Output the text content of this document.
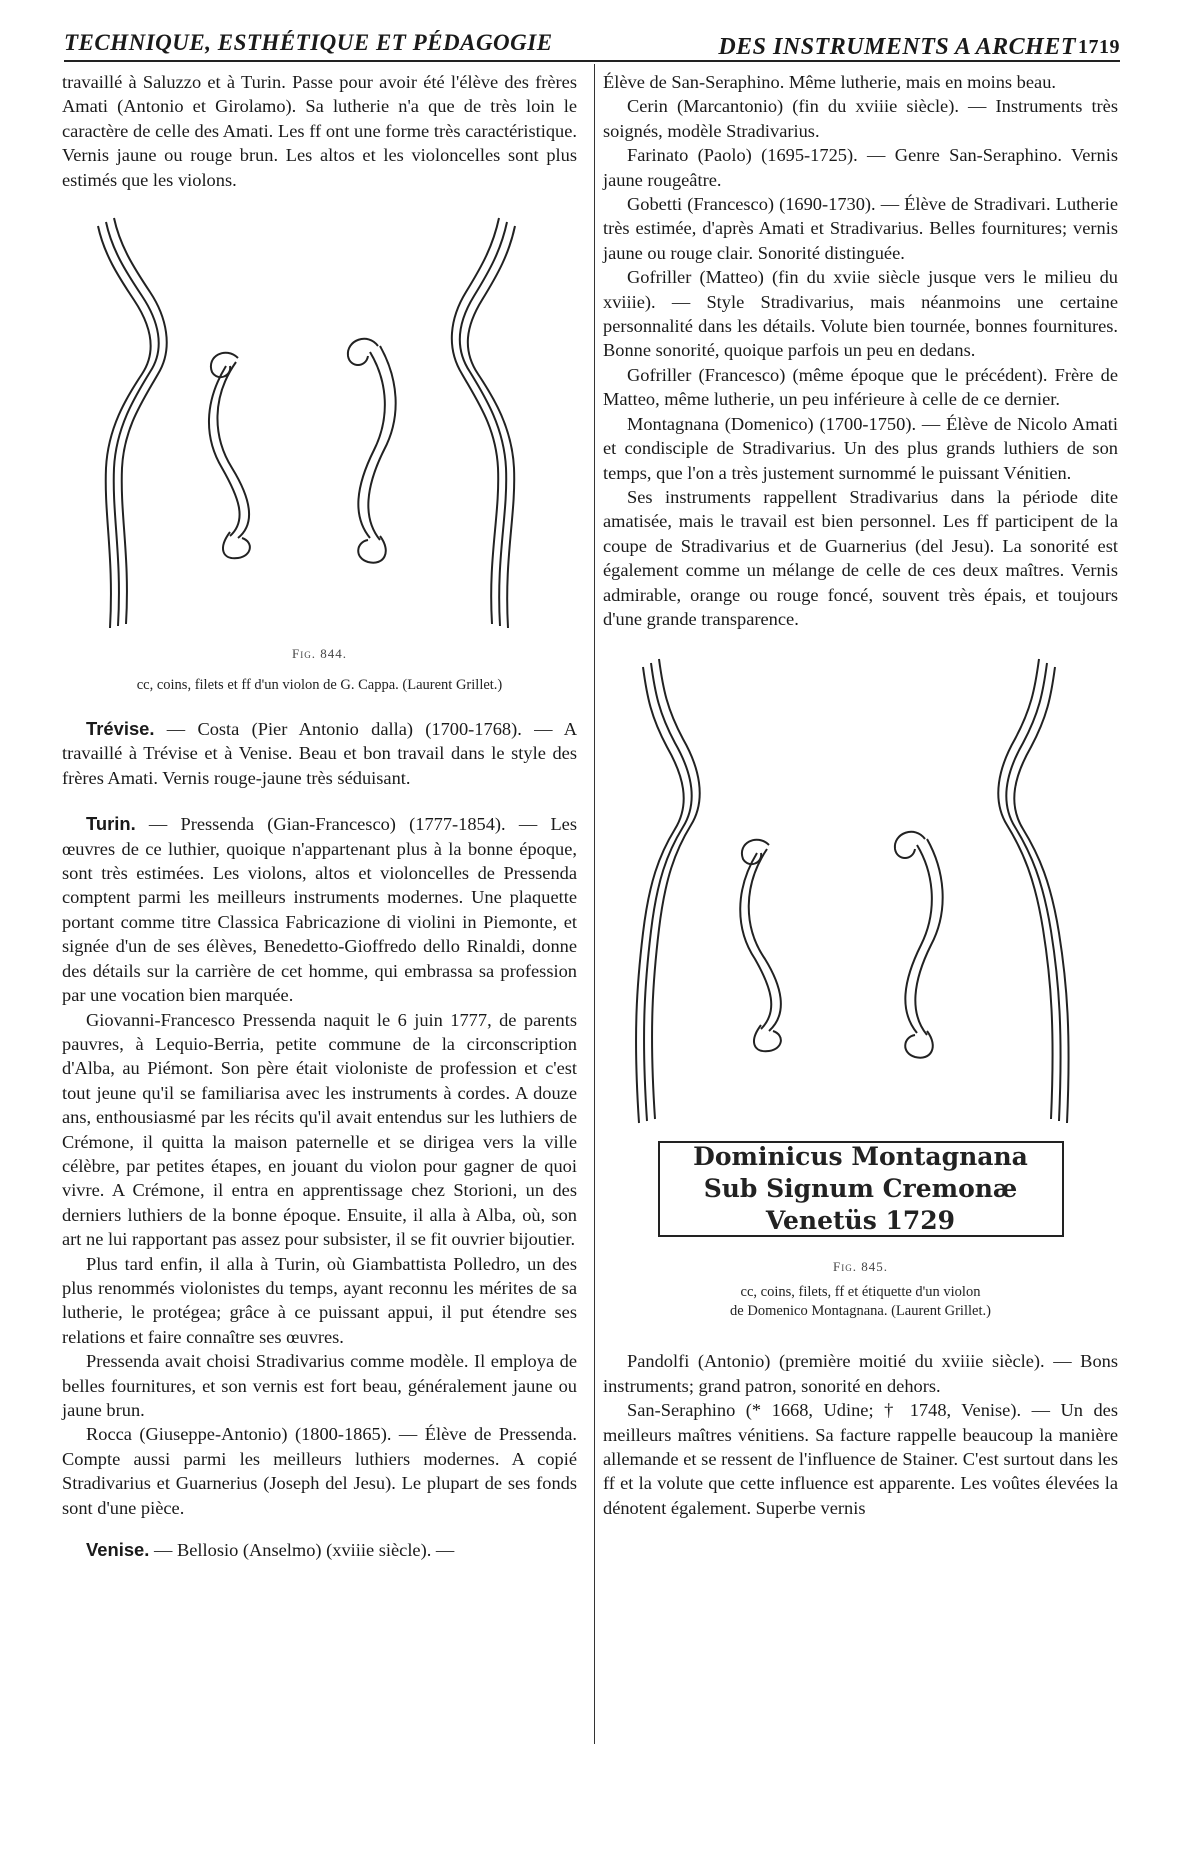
TECHNIQUE, ESTHÉTIQUE ET PÉDAGOGIE	DES INSTRUMENTS A ARCHET 1719

travaillé à Saluzzo et à Turin. Passe pour avoir été l'élève des frères Amati (Antonio et Girolamo). Sa lutherie n'a que de très loin le caractère de celle des Amati. Les ff ont une forme très caractéristique. Vernis jaune ou rouge brun. Les altos et les violoncelles sont plus estimés que les violons.

Fig. 844.
cc, coins, filets et ff d'un violon de G. Cappa. (Laurent Grillet.)

Trévise. — Costa (Pier Antonio dalla) (1700-1768). — A travaillé à Trévise et à Venise. Beau et bon travail dans le style des frères Amati. Vernis rouge-jaune très séduisant.

Turin. — Pressenda (Gian-Francesco) (1777-1854). — Les œuvres de ce luthier, quoique n'appartenant plus à la bonne époque, sont très estimées. Les violons, altos et violoncelles de Pressenda comptent parmi les meilleurs instruments modernes. Une plaquette portant comme titre Classica Fabricazione di violini in Piemonte, et signée d'un de ses élèves, Benedetto-Gioffredo dello Rinaldi, donne des détails sur la carrière de cet homme, qui embrassa sa profession par une vocation bien marquée.

Giovanni-Francesco Pressenda naquit le 6 juin 1777, de parents pauvres, à Lequio-Berria, petite commune de la circonscription d'Alba, au Piémont. Son père était violoniste de profession et c'est tout jeune qu'il se familiarisa avec les instruments à cordes. A douze ans, enthousiasmé par les récits qu'il avait entendus sur les luthiers de Crémone, il quitta la maison paternelle et se dirigea vers la ville célèbre, par petites étapes, en jouant du violon pour gagner de quoi vivre. A Crémone, il entra en apprentissage chez Storioni, un des derniers luthiers de la bonne époque. Ensuite, il alla à Alba, où, son art ne lui rapportant pas assez pour subsister, il se fit ouvrier bijoutier.

Plus tard enfin, il alla à Turin, où Giambattista Polledro, un des plus renommés violonistes du temps, ayant reconnu les mérites de sa lutherie, le protégea; grâce à ce puissant appui, il put étendre ses relations et faire connaître ses œuvres.

Pressenda avait choisi Stradivarius comme modèle. Il employa de belles fournitures, et son vernis est fort beau, généralement jaune ou jaune brun.

Rocca (Giuseppe-Antonio) (1800-1865). — Élève de Pressenda. Compte aussi parmi les meilleurs luthiers modernes. A copié Stradivarius et Guarnerius (Joseph del Jesu). Le plupart de ses fonds sont d'une pièce.

Venise. — Bellosio (Anselmo) (xviiie siècle). —

Élève de San-Seraphino. Même lutherie, mais en moins beau.

Cerin (Marcantonio) (fin du xviiie siècle). — Instruments très soignés, modèle Stradivarius.

Farinato (Paolo) (1695-1725). — Genre San-Seraphino. Vernis jaune rougeâtre.

Gobetti (Francesco) (1690-1730). — Élève de Stradivari. Lutherie très estimée, d'après Amati et Stradivarius. Belles fournitures; vernis jaune ou rouge clair. Sonorité distinguée.

Gofriller (Matteo) (fin du xviie siècle jusque vers le milieu du xviiie). — Style Stradivarius, mais néanmoins une certaine personnalité dans les détails. Volute bien tournée, bonnes fournitures. Bonne sonorité, quoique parfois un peu en dedans.

Gofriller (Francesco) (même époque que le précédent). Frère de Matteo, même lutherie, un peu inférieure à celle de ce dernier.

Montagnana (Domenico) (1700-1750). — Élève de Nicolo Amati et condisciple de Stradivarius. Un des plus grands luthiers de son temps, que l'on a très justement surnommé le puissant Vénitien.

Ses instruments rappellent Stradivarius dans la période dite amatisée, mais le travail est bien personnel. Les ff participent de la coupe de Stradivarius et de Guarnerius (del Jesu). La sonorité est également comme un mélange de celle de ces deux maîtres. Vernis admirable, orange ou rouge foncé, souvent très épais, et toujours d'une grande transparence.

Dominicus Montagnana Sub Signum Cremonæ Venetüs 1729
Fig. 845.
cc, coins, filets, ff et étiquette d'un violon
de Domenico Montagnana. (Laurent Grillet.)

Pandolfi (Antonio) (première moitié du xviiie siècle). — Bons instruments; grand patron, sonorité en dehors.

San-Seraphino (* 1668, Udine; † 1748, Venise). — Un des meilleurs maîtres vénitiens. Sa facture rappelle beaucoup la manière allemande et se ressent de l'influence de Stainer. C'est surtout dans les ff et la volute que cette influence est apparente. Les voûtes élevées la dénotent également. Superbe vernis
